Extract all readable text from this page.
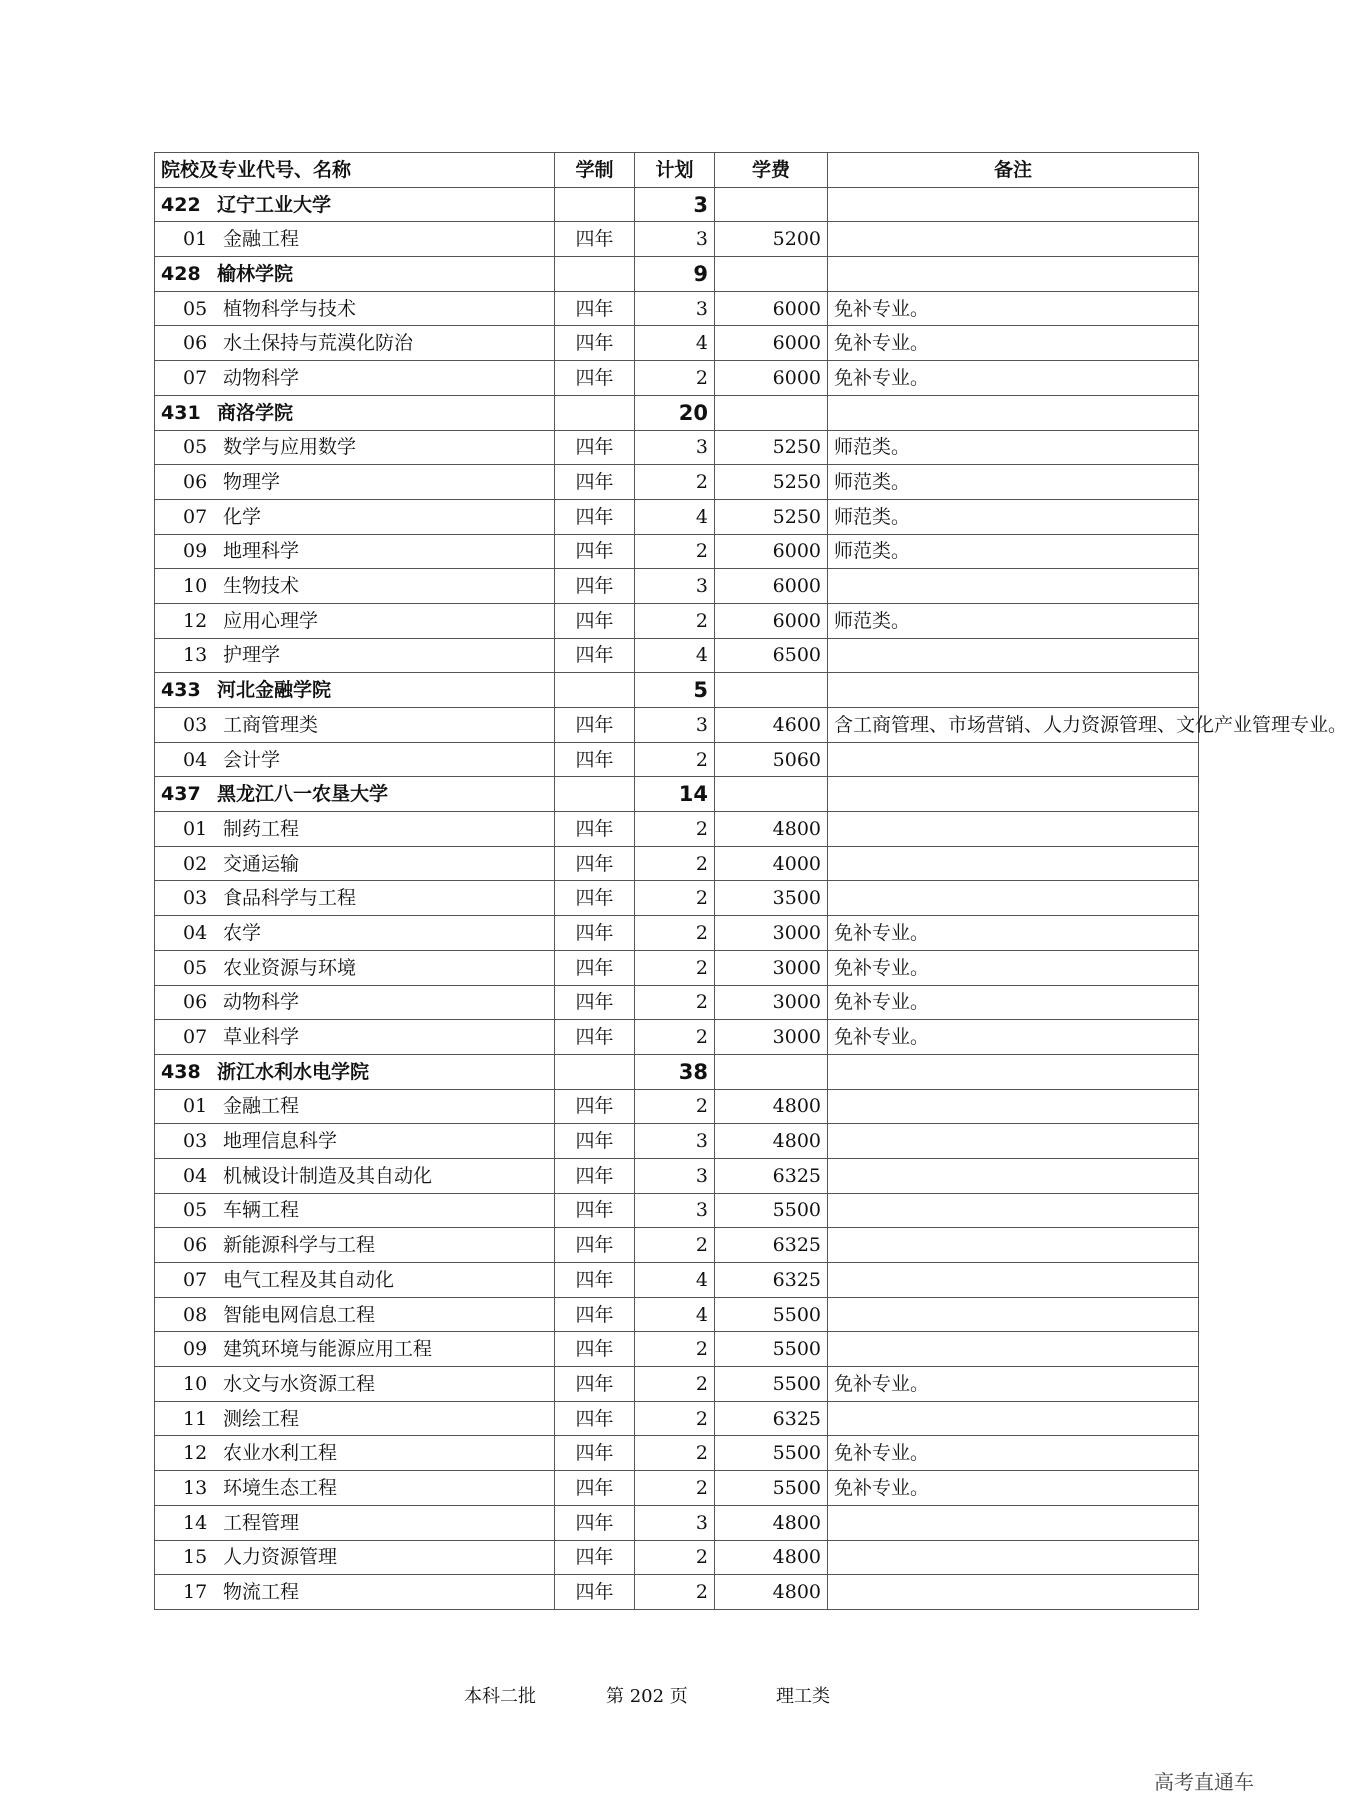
院校及专业代号、名称	学制	计划	学费	备注
422 辽宁工业大学		3		
01 金融工程	四年	3	5200	
428 榆林学院		9		
05 植物科学与技术	四年	3	6000	免补专业。
06 水土保持与荒漠化防治	四年	4	6000	免补专业。
07 动物科学	四年	2	6000	免补专业。
431 商洛学院		20		
05 数学与应用数学	四年	3	5250	师范类。
06 物理学	四年	2	5250	师范类。
07 化学	四年	4	5250	师范类。
09 地理科学	四年	2	6000	师范类。
10 生物技术	四年	3	6000	
12 应用心理学	四年	2	6000	师范类。
13 护理学	四年	4	6500	
433 河北金融学院		5		
03 工商管理类	四年	3	4600	含工商管理、市场营销、人力资源管理、文化产业管理专业。
04 会计学	四年	2	5060	
437 黑龙江八一农垦大学		14		
01 制药工程	四年	2	4800	
02 交通运输	四年	2	4000	
03 食品科学与工程	四年	2	3500	
04 农学	四年	2	3000	免补专业。
05 农业资源与环境	四年	2	3000	免补专业。
06 动物科学	四年	2	3000	免补专业。
07 草业科学	四年	2	3000	免补专业。
438 浙江水利水电学院		38		
01 金融工程	四年	2	4800	
03 地理信息科学	四年	3	4800	
04 机械设计制造及其自动化	四年	3	6325	
05 车辆工程	四年	3	5500	
06 新能源科学与工程	四年	2	6325	
07 电气工程及其自动化	四年	4	6325	
08 智能电网信息工程	四年	4	5500	
09 建筑环境与能源应用工程	四年	2	5500	
10 水文与水资源工程	四年	2	5500	免补专业。
11 测绘工程	四年	2	6325	
12 农业水利工程	四年	2	5500	免补专业。
13 环境生态工程	四年	2	5500	免补专业。
14 工程管理	四年	3	4800	
15 人力资源管理	四年	2	4800	
17 物流工程	四年	2	4800	
本科二批	第 202 页	理工类
高考直通车
